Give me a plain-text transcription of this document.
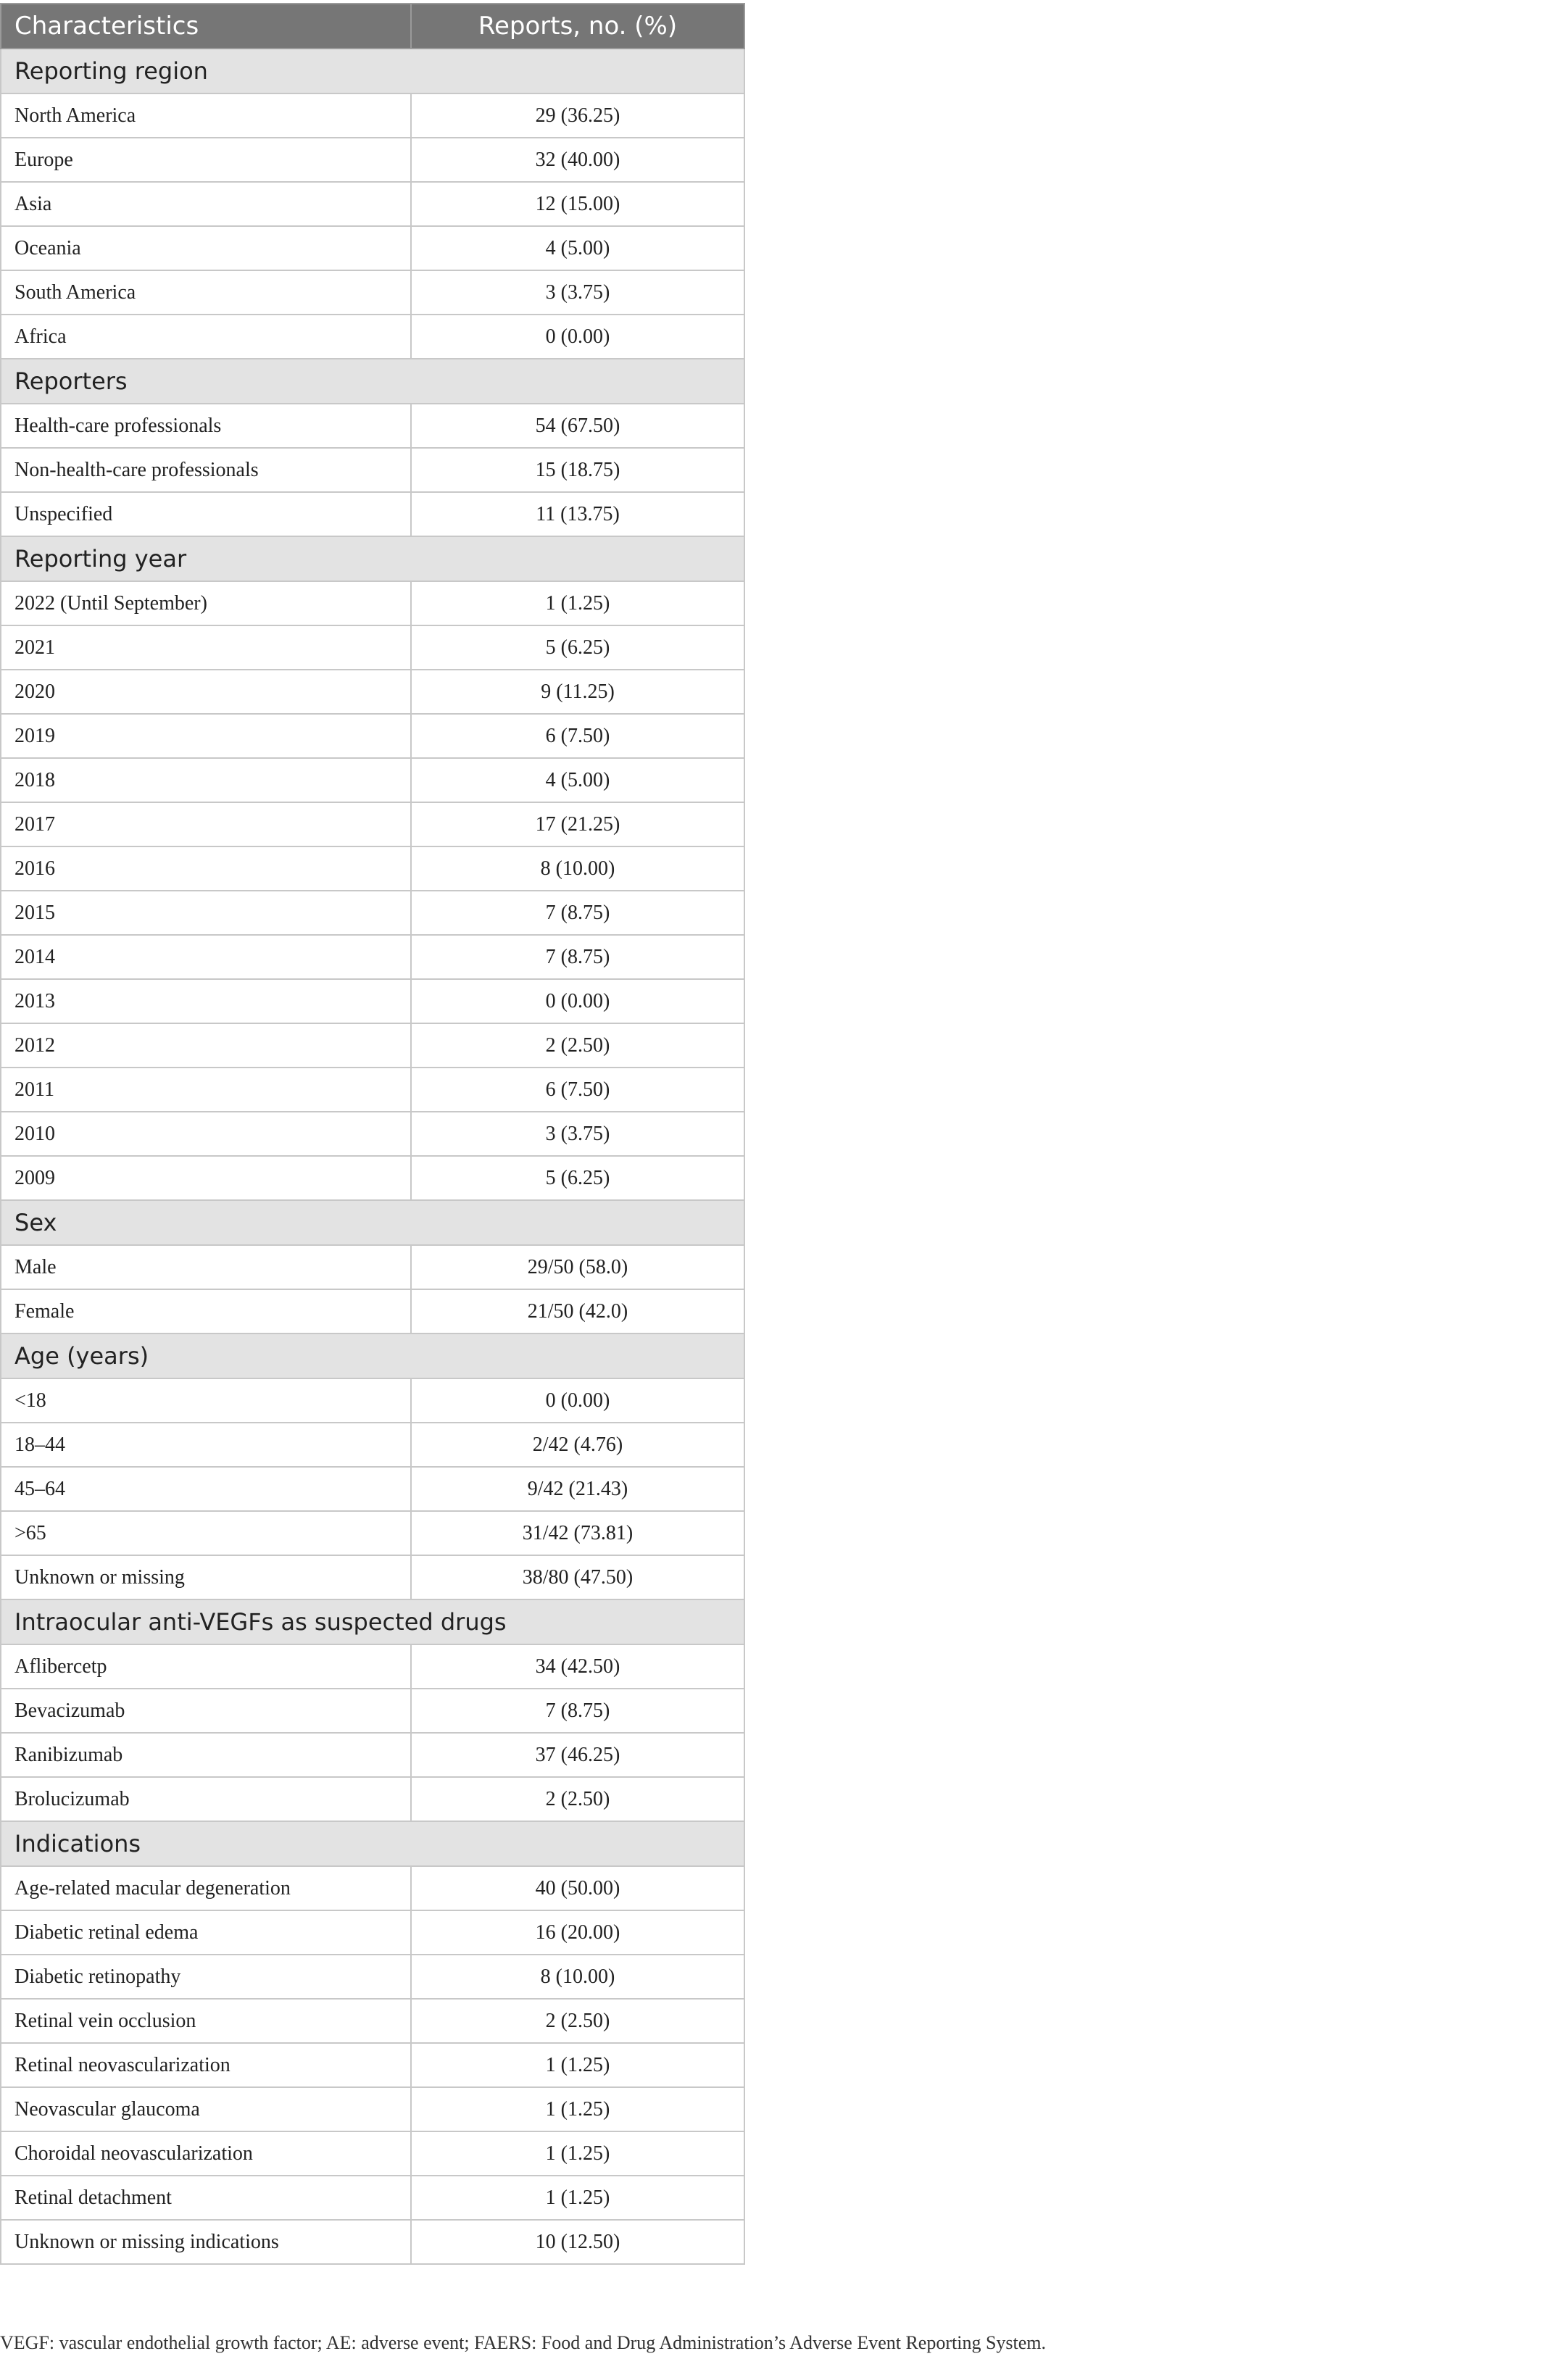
Characteristics	Reports, no. (%)
Reporting region	
North America	29 (36.25)
Europe	32 (40.00)
Asia	12 (15.00)
Oceania	4 (5.00)
South America	3 (3.75)
Africa	0 (0.00)
Reporters	
Health-care professionals	54 (67.50)
Non-health-care professionals	15 (18.75)
Unspecified	11 (13.75)
Reporting year	
2022 (Until September)	1 (1.25)
2021	5 (6.25)
2020	9 (11.25)
2019	6 (7.50)
2018	4 (5.00)
2017	17 (21.25)
2016	8 (10.00)
2015	7 (8.75)
2014	7 (8.75)
2013	0 (0.00)
2012	2 (2.50)
2011	6 (7.50)
2010	3 (3.75)
2009	5 (6.25)
Sex	
Male	29/50 (58.0)
Female	21/50 (42.0)
Age (years)	
<18	0 (0.00)
18–44	2/42 (4.76)
45–64	9/42 (21.43)
>65	31/42 (73.81)
Unknown or missing	38/80 (47.50)
Intraocular anti-VEGFs as suspected drugs	
Aflibercetp	34 (42.50)
Bevacizumab	7 (8.75)
Ranibizumab	37 (46.25)
Brolucizumab	2 (2.50)
Indications	
Age-related macular degeneration	40 (50.00)
Diabetic retinal edema	16 (20.00)
Diabetic retinopathy	8 (10.00)
Retinal vein occlusion	2 (2.50)
Retinal neovascularization	1 (1.25)
Neovascular glaucoma	1 (1.25)
Choroidal neovascularization	1 (1.25)
Retinal detachment	1 (1.25)
Unknown or missing indications	10 (12.50)
VEGF: vascular endothelial growth factor; AE: adverse event; FAERS: Food and Drug Administration’s Adverse Event Reporting System.
